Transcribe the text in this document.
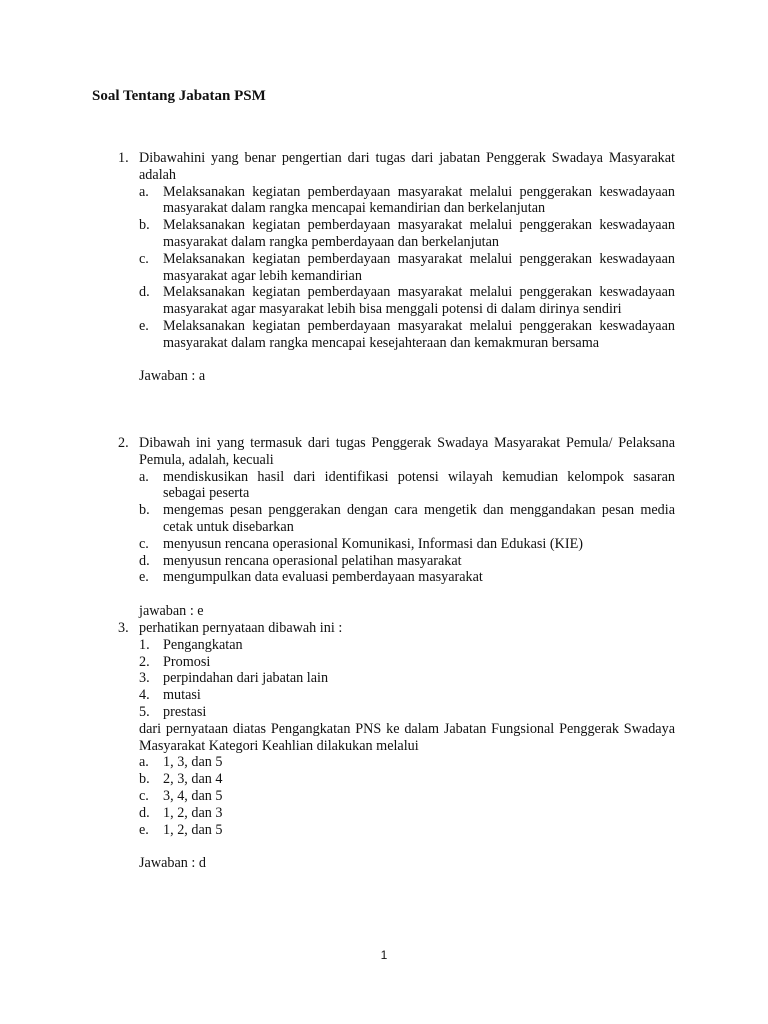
Soal Tentang Jabatan PSM
1. Dibawahini yang benar pengertian dari tugas dari jabatan Penggerak Swadaya Masyarakat adalah
a. Melaksanakan kegiatan pemberdayaan masyarakat melalui penggerakan keswadayaan masyarakat dalam rangka mencapai kemandirian dan berkelanjutan
b. Melaksanakan kegiatan pemberdayaan masyarakat melalui penggerakan keswadayaan masyarakat dalam rangka pemberdayaan dan berkelanjutan
c. Melaksanakan kegiatan pemberdayaan masyarakat melalui penggerakan keswadayaan masyarakat agar lebih kemandirian
d. Melaksanakan kegiatan pemberdayaan masyarakat melalui penggerakan keswadayaan masyarakat agar masyarakat lebih bisa menggali potensi di dalam dirinya sendiri
e. Melaksanakan kegiatan pemberdayaan masyarakat melalui penggerakan keswadayaan masyarakat dalam rangka mencapai kesejahteraan dan kemakmuran bersama
Jawaban : a
2. Dibawah ini yang termasuk dari tugas Penggerak Swadaya Masyarakat Pemula/ Pelaksana Pemula, adalah, kecuali
a. mendiskusikan hasil dari identifikasi potensi wilayah kemudian kelompok sasaran sebagai peserta
b. mengemas pesan penggerakan dengan cara mengetik dan menggandakan pesan media cetak untuk disebarkan
c. menyusun rencana operasional Komunikasi, Informasi dan Edukasi (KIE)
d. menyusun rencana operasional pelatihan masyarakat
e. mengumpulkan data evaluasi pemberdayaan masyarakat
jawaban : e
3. perhatikan pernyataan dibawah ini :
1. Pengangkatan
2. Promosi
3. perpindahan dari jabatan lain
4. mutasi
5. prestasi
dari pernyataan diatas Pengangkatan PNS ke dalam Jabatan Fungsional Penggerak Swadaya Masyarakat Kategori Keahlian dilakukan melalui
a. 1, 3, dan 5
b. 2, 3, dan 4
c. 3, 4, dan 5
d. 1, 2, dan 3
e. 1, 2, dan 5
Jawaban : d
1
